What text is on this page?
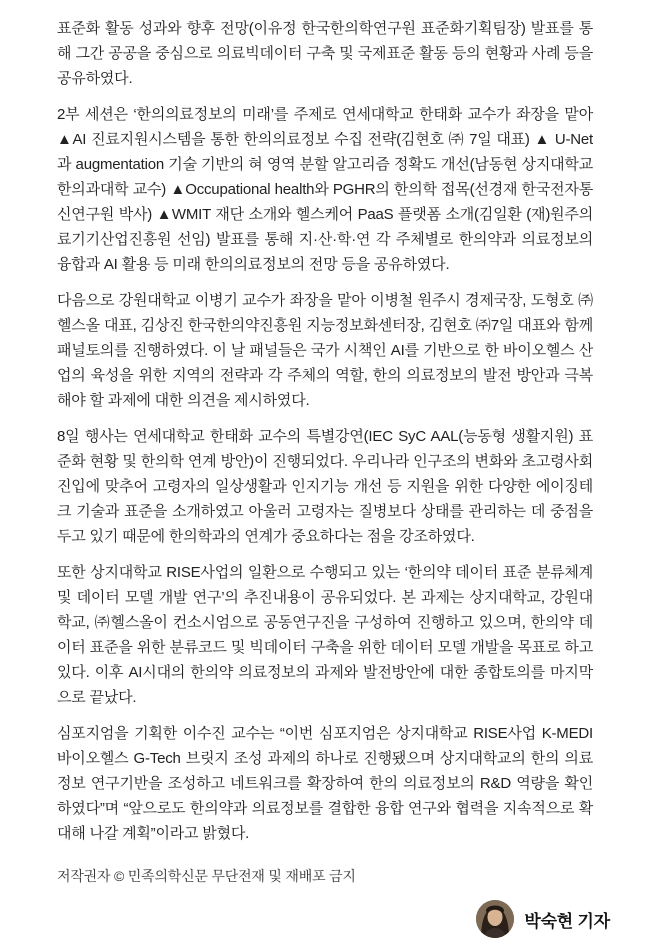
표준화 활동 성과와 향후 전망(이유정 한국한의학연구원 표준화기획팀장) 발표를 통해 그간 공공을 중심으로 의료빅데이터 구축 및 국제표준 활동 등의 현황과 사례 등을 공유하였다.

2부 세션은 ‘한의의료정보의 미래’를 주제로 연세대학교 한태화 교수가 좌장을 맡아 ▲AI 진료지원시스템을 통한 한의의료정보 수집 전략(김현호 ㈜ 7일 대표) ▲ U-Net과 augmentation 기술 기반의 혀 영역 분할 알고리즘 정확도 개선(남동현 상지대학교 한의과대학 교수) ▲Occupational health와 PGHR의 한의학 접목(선경재 한국전자통신연구원 박사) ▲WMIT 재단 소개와 헬스케어 PaaS 플랫폼 소개(김일환 (재)원주의료기기산업진흥원 선임) 발표를 통해 지·산·학·연 각 주체별로 한의약과 의료정보의 융합과 AI 활용 등 미래 한의의료정보의 전망 등을 공유하였다.

다음으로 강원대학교 이병기 교수가 좌장을 맡아 이병철 원주시 경제국장, 도형호 ㈜헬스올 대표, 김상진 한국한의약진흥원 지능정보화센터장, 김현호 ㈜7일 대표와 함께 패널토의를 진행하였다. 이 날 패널들은 국가 시책인 AI를 기반으로 한 바이오헬스 산업의 육성을 위한 지역의 전략과 각 주체의 역할, 한의 의료정보의 발전 방안과 극복해야 할 과제에 대한 의견을 제시하였다.

8일 행사는 연세대학교 한태화 교수의 특별강연(IEC SyC AAL(능동형 생활지원) 표준화 현황 및 한의학 연계 방안)이 진행되었다. 우리나라 인구조의 변화와 초고령사회 진입에 맞추어 고령자의 일상생활과 인지기능 개선 등 지원을 위한 다양한 에이징테크 기술과 표준을 소개하였고 아울러 고령자는 질병보다 상태를 관리하는 데 중점을 두고 있기 때문에 한의학과의 연계가 중요하다는 점을 강조하였다.

또한 상지대학교 RISE사업의 일환으로 수행되고 있는 ‘한의약 데이터 표준 분류체계 및 데이터 모델 개발 연구’의 추진내용이 공유되었다. 본 과제는 상지대학교, 강원대학교, ㈜헬스올이 컨소시엄으로 공동연구진을 구성하여 진행하고 있으며, 한의약 데이터 표준을 위한 분류코드 및 빅데이터 구축을 위한 데이터 모델 개발을 목표로 하고 있다. 이후 AI시대의 한의약 의료정보의 과제와 발전방안에 대한 종합토의를 마지막으로 끝났다.

심포지엄을 기획한 이수진 교수는 “이번 심포지엄은 상지대학교 RISE사업 K-MEDI 바이오헬스 G-Tech 브릿지 조성 과제의 하나로 진행됐으며 상지대학교의 한의 의료정보 연구기반을 조성하고 네트워크를 확장하여 한의 의료정보의 R&D 역량을 확인하였다”며 “앞으로도 한의약과 의료정보를 결합한 융합 연구와 협력을 지속적으로 확대해 나갈 계획”이라고 밝혔다.

저작권자 © 민족의학신문 무단전재 및 재배포 금지
박숙현 기자
